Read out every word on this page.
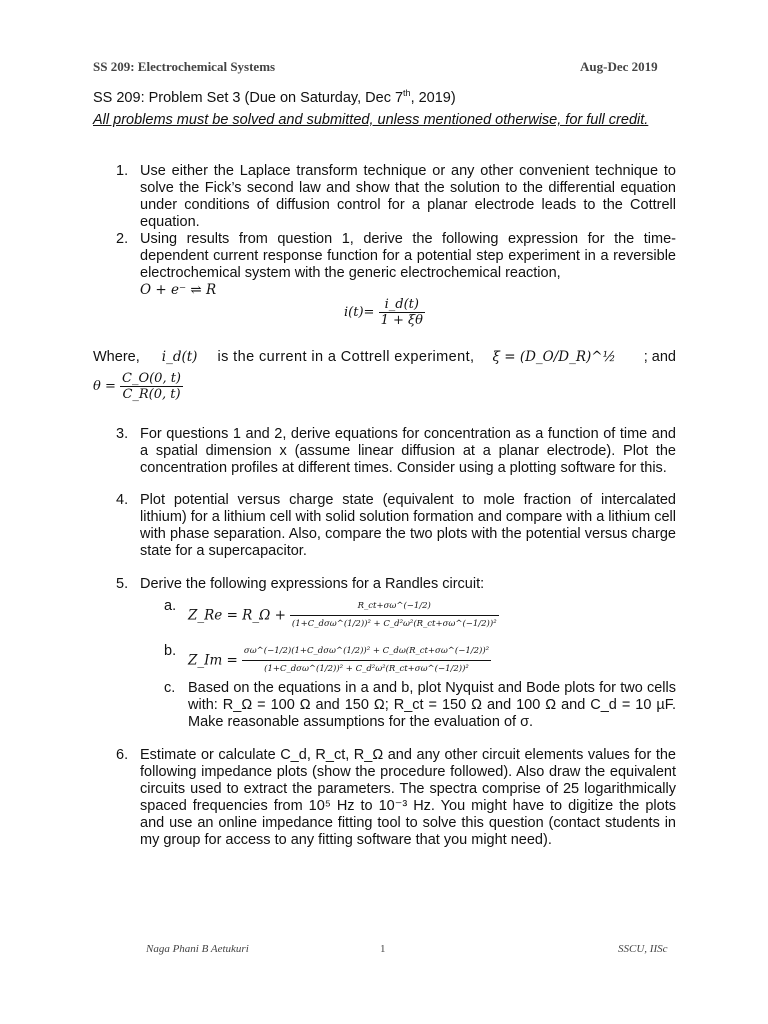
SS 209: Electrochemical Systems	Aug-Dec 2019
SS 209: Problem Set 3 (Due on Saturday, Dec 7th, 2019)
All problems must be solved and submitted, unless mentioned otherwise, for full credit.
1. Use either the Laplace transform technique or any other convenient technique to solve the Fick’s second law and show that the solution to the differential equation under conditions of diffusion control for a planar electrode leads to the Cottrell equation.
2. Using results from question 1, derive the following expression for the time-dependent current response function for a potential step experiment in a reversible electrochemical system with the generic electrochemical reaction,
O + e⁻ ⇌ R
$i(t)= \frac{i\_d(t)}{1 + \xi\theta}$
Where, i_d(t) is the current in a Cottrell experiment, ξ = (D_O/D_R)^½ ; and
$\theta = \frac{C\_O(0, t)}{C\_R(0, t)}$
3. For questions 1 and 2, derive equations for concentration as a function of time and a spatial dimension x (assume linear diffusion at a planar electrode). Plot the concentration profiles at different times. Consider using a plotting software for this.
4. Plot potential versus charge state (equivalent to mole fraction of intercalated lithium) for a lithium cell with solid solution formation and compare with a lithium cell with phase separation. Also, compare the two plots with the potential versus charge state for a supercapacitor.
5. Derive the following expressions for a Randles circuit:
a.
Z_Re = R_Ω + $\frac{R\_ct+\sigma\omega\^{}(-1/2)}{\text{(1+C\_dσω\textasciicircum{}(1/2))² + C\_d²ω²(R\_ct+σω\textasciicircum{}(−1/2))²}}$
b.
Z_Im = $\frac{\text{σω\textasciicircum{}(−1/2)(1+C\_dσω\textasciicircum{}(1/2))² + C\_dω(R\_ct+σω\textasciicircum{}(−1/2))²}}{\text{(1+C\_dσω\textasciicircum{}(1/2))² + C\_d²ω²(R\_ct+σω\textasciicircum{}(−1/2))²}}$
c. Based on the equations in a and b, plot Nyquist and Bode plots for two cells with: R_Ω = 100 Ω and 150 Ω; R_ct = 150 Ω and 100 Ω and C_d = 10 µF. Make reasonable assumptions for the evaluation of σ.
6. Estimate or calculate C_d, R_ct, R_Ω and any other circuit elements values for the following impedance plots (show the procedure followed). Also draw the equivalent circuits used to extract the parameters. The spectra comprise of 25 logarithmically spaced frequencies from 10⁵ Hz to 10⁻³ Hz. You might have to digitize the plots and use an online impedance fitting tool to solve this question (contact students in my group for access to any fitting software that you might need).
Naga Phani B Aetukuri	1	SSCU, IISc
